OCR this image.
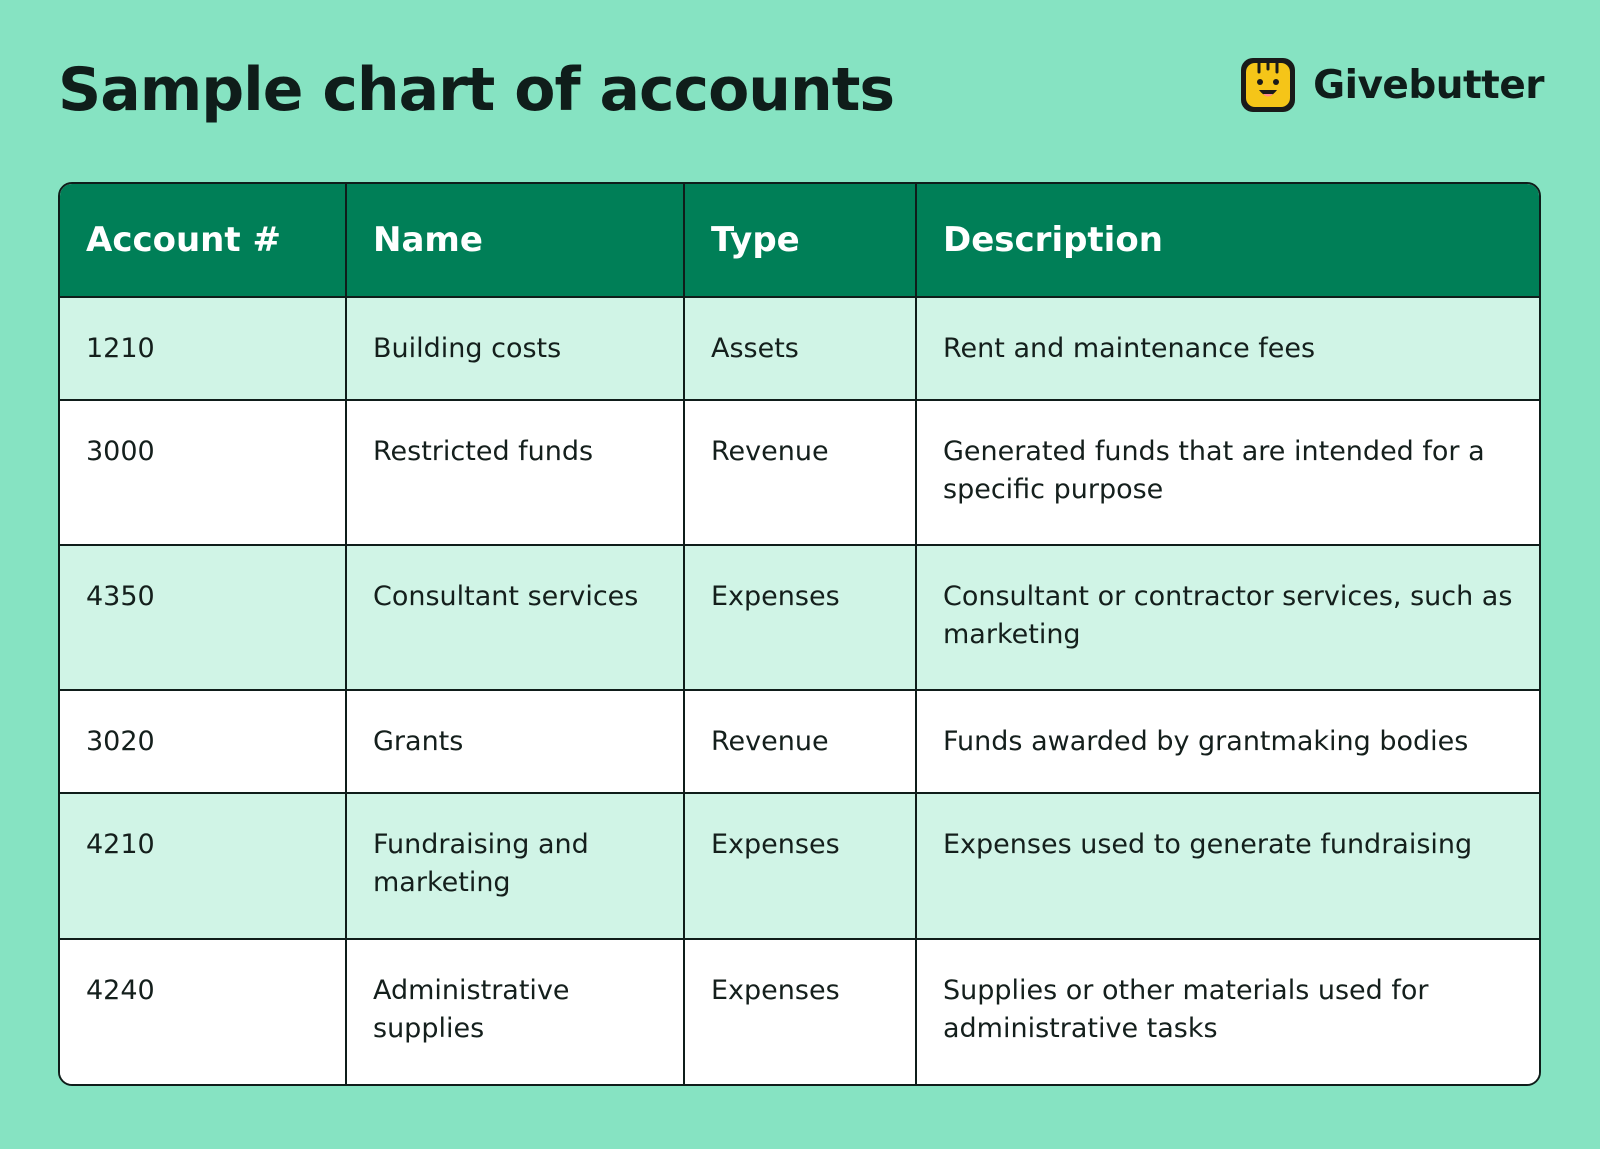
Sample chart of accounts	Givebutter
Account #	Name	Type	Description
1210	Building costs	Assets	Rent and maintenance fees
3000	Restricted funds	Revenue	Generated funds that are intended for a specific purpose
4350	Consultant services	Expenses	Consultant or contractor services, such as marketing
3020	Grants	Revenue	Funds awarded by grantmaking bodies
4210	Fundraising and marketing	Expenses	Expenses used to generate fundraising
4240	Administrative supplies	Expenses	Supplies or other materials used for administrative tasks
